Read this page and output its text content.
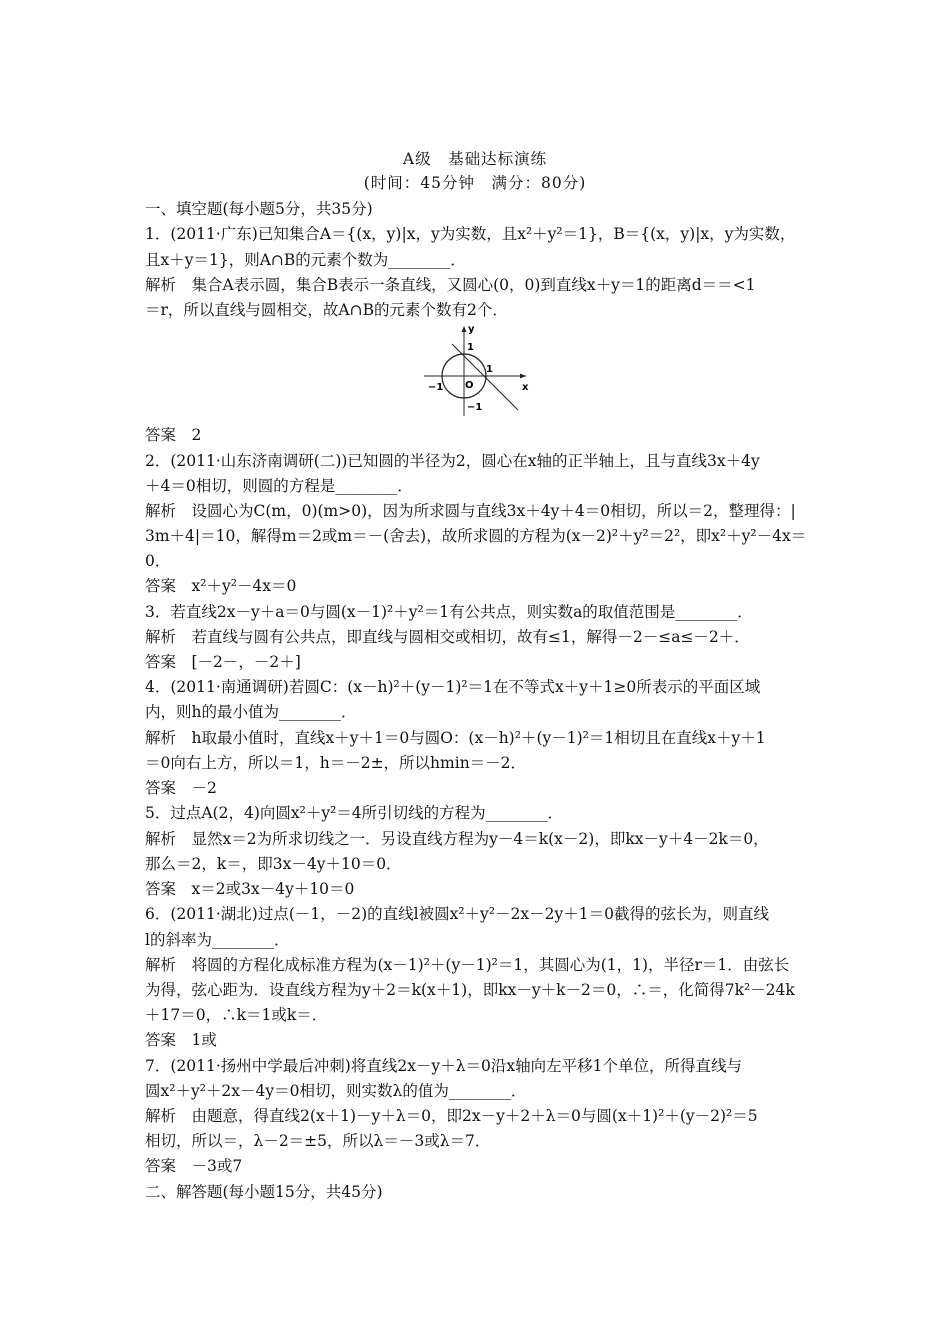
A级　基础达标演练
(时间：45分钟　满分：80分)
一、填空题(每小题5分，共35分)
1．(2011·广东)已知集合A＝{(x，y)|x，y为实数，且x²＋y²＝1}，B＝{(x，y)|x，y为实数，
且x＋y＝1}，则A∩B的元素个数为________．
解析　集合A表示圆，集合B表示一条直线，又圆心(0，0)到直线x＋y＝1的距离d＝＝<1
＝r，所以直线与圆相交，故A∩B的元素个数有2个．
y
x
O
1
1
−1
−1
答案　2
2．(2011·山东济南调研(二))已知圆的半径为2，圆心在x轴的正半轴上，且与直线3x＋4y
＋4＝0相切，则圆的方程是________．
解析　设圆心为C(m，0)(m>0)，因为所求圆与直线3x＋4y＋4＝0相切，所以＝2，整理得：|
3m＋4|＝10，解得m＝2或m＝－(舍去)，故所求圆的方程为(x－2)²＋y²＝2²，即x²＋y²－4x＝
0．
答案　x²＋y²－4x＝0
3．若直线2x－y＋a＝0与圆(x－1)²＋y²＝1有公共点，则实数a的取值范围是________．
解析　若直线与圆有公共点，即直线与圆相交或相切，故有≤1，解得－2－≤a≤－2＋．
答案　[－2－，－2＋]
4．(2011·南通调研)若圆C：(x－h)²＋(y－1)²＝1在不等式x＋y＋1≥0所表示的平面区域
内，则h的最小值为________．
解析　h取最小值时，直线x＋y＋1＝0与圆O：(x－h)²＋(y－1)²＝1相切且在直线x＋y＋1
＝0向右上方，所以＝1，h＝－2±，所以hmin＝－2．
答案　－2
5．过点A(2，4)向圆x²＋y²＝4所引切线的方程为________．
解析　显然x＝2为所求切线之一．另设直线方程为y－4＝k(x－2)，即kx－y＋4－2k＝0，
那么＝2，k＝，即3x－4y＋10＝0．
答案　x＝2或3x－4y＋10＝0
6．(2011·湖北)过点(－1，－2)的直线l被圆x²＋y²－2x－2y＋1＝0截得的弦长为，则直线
l的斜率为________．
解析　将圆的方程化成标准方程为(x－1)²＋(y－1)²＝1，其圆心为(1，1)，半径r＝1．由弦长
为得，弦心距为．设直线方程为y＋2＝k(x＋1)，即kx－y＋k－2＝0，∴＝，化简得7k²－24k
＋17＝0，∴k＝1或k＝．
答案　1或
7．(2011·扬州中学最后冲刺)将直线2x－y＋λ＝0沿x轴向左平移1个单位，所得直线与
圆x²＋y²＋2x－4y＝0相切，则实数λ的值为________．
解析　由题意，得直线2(x＋1)－y＋λ＝0，即2x－y＋2＋λ＝0与圆(x＋1)²＋(y－2)²＝5
相切，所以＝，λ－2＝±5，所以λ＝－3或λ＝7．
答案　－3或7
二、解答题(每小题15分，共45分)
